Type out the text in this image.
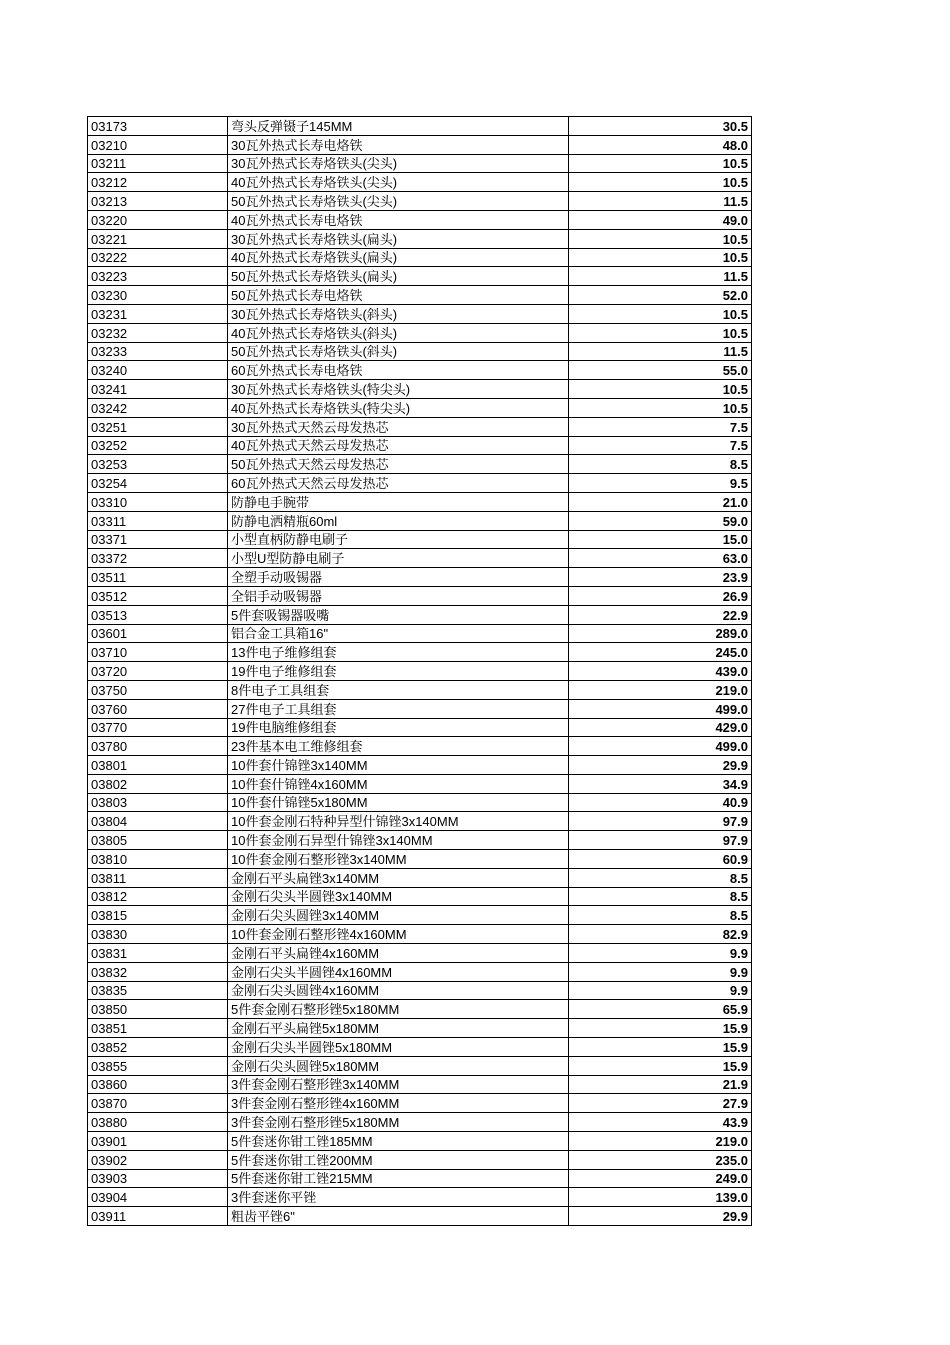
03173	弯头反弹镊子145MM	30.5
03210	30瓦外热式长寿电烙铁	48.0
03211	30瓦外热式长寿烙铁头(尖头)	10.5
03212	40瓦外热式长寿烙铁头(尖头)	10.5
03213	50瓦外热式长寿烙铁头(尖头)	11.5
03220	40瓦外热式长寿电烙铁	49.0
03221	30瓦外热式长寿烙铁头(扁头)	10.5
03222	40瓦外热式长寿烙铁头(扁头)	10.5
03223	50瓦外热式长寿烙铁头(扁头)	11.5
03230	50瓦外热式长寿电烙铁	52.0
03231	30瓦外热式长寿烙铁头(斜头)	10.5
03232	40瓦外热式长寿烙铁头(斜头)	10.5
03233	50瓦外热式长寿烙铁头(斜头)	11.5
03240	60瓦外热式长寿电烙铁	55.0
03241	30瓦外热式长寿烙铁头(特尖头)	10.5
03242	40瓦外热式长寿烙铁头(特尖头)	10.5
03251	30瓦外热式天然云母发热芯	7.5
03252	40瓦外热式天然云母发热芯	7.5
03253	50瓦外热式天然云母发热芯	8.5
03254	60瓦外热式天然云母发热芯	9.5
03310	防静电手腕带	21.0
03311	防静电洒精瓶60ml	59.0
03371	小型直柄防静电刷子	15.0
03372	小型U型防静电刷子	63.0
03511	全塑手动吸锡器	23.9
03512	全铝手动吸锡器	26.9
03513	5件套吸锡器吸嘴	22.9
03601	铝合金工具箱16"	289.0
03710	13件电子维修组套	245.0
03720	19件电子维修组套	439.0
03750	8件电子工具组套	219.0
03760	27件电子工具组套	499.0
03770	19件电脑维修组套	429.0
03780	23件基本电工维修组套	499.0
03801	10件套什锦锉3x140MM	29.9
03802	10件套什锦锉4x160MM	34.9
03803	10件套什锦锉5x180MM	40.9
03804	10件套金刚石特种异型什锦锉3x140MM	97.9
03805	10件套金刚石异型什锦锉3x140MM	97.9
03810	10件套金刚石整形锉3x140MM	60.9
03811	金刚石平头扁锉3x140MM	8.5
03812	金刚石尖头半圆锉3x140MM	8.5
03815	金刚石尖头圆锉3x140MM	8.5
03830	10件套金刚石整形锉4x160MM	82.9
03831	金刚石平头扁锉4x160MM	9.9
03832	金刚石尖头半圆锉4x160MM	9.9
03835	金刚石尖头圆锉4x160MM	9.9
03850	5件套金刚石整形锉5x180MM	65.9
03851	金刚石平头扁锉5x180MM	15.9
03852	金刚石尖头半圆锉5x180MM	15.9
03855	金刚石尖头圆锉5x180MM	15.9
03860	3件套金刚石整形锉3x140MM	21.9
03870	3件套金刚石整形锉4x160MM	27.9
03880	3件套金刚石整形锉5x180MM	43.9
03901	5件套迷你钳工锉185MM	219.0
03902	5件套迷你钳工锉200MM	235.0
03903	5件套迷你钳工锉215MM	249.0
03904	3件套迷你平锉	139.0
03911	粗齿平锉6"	29.9
